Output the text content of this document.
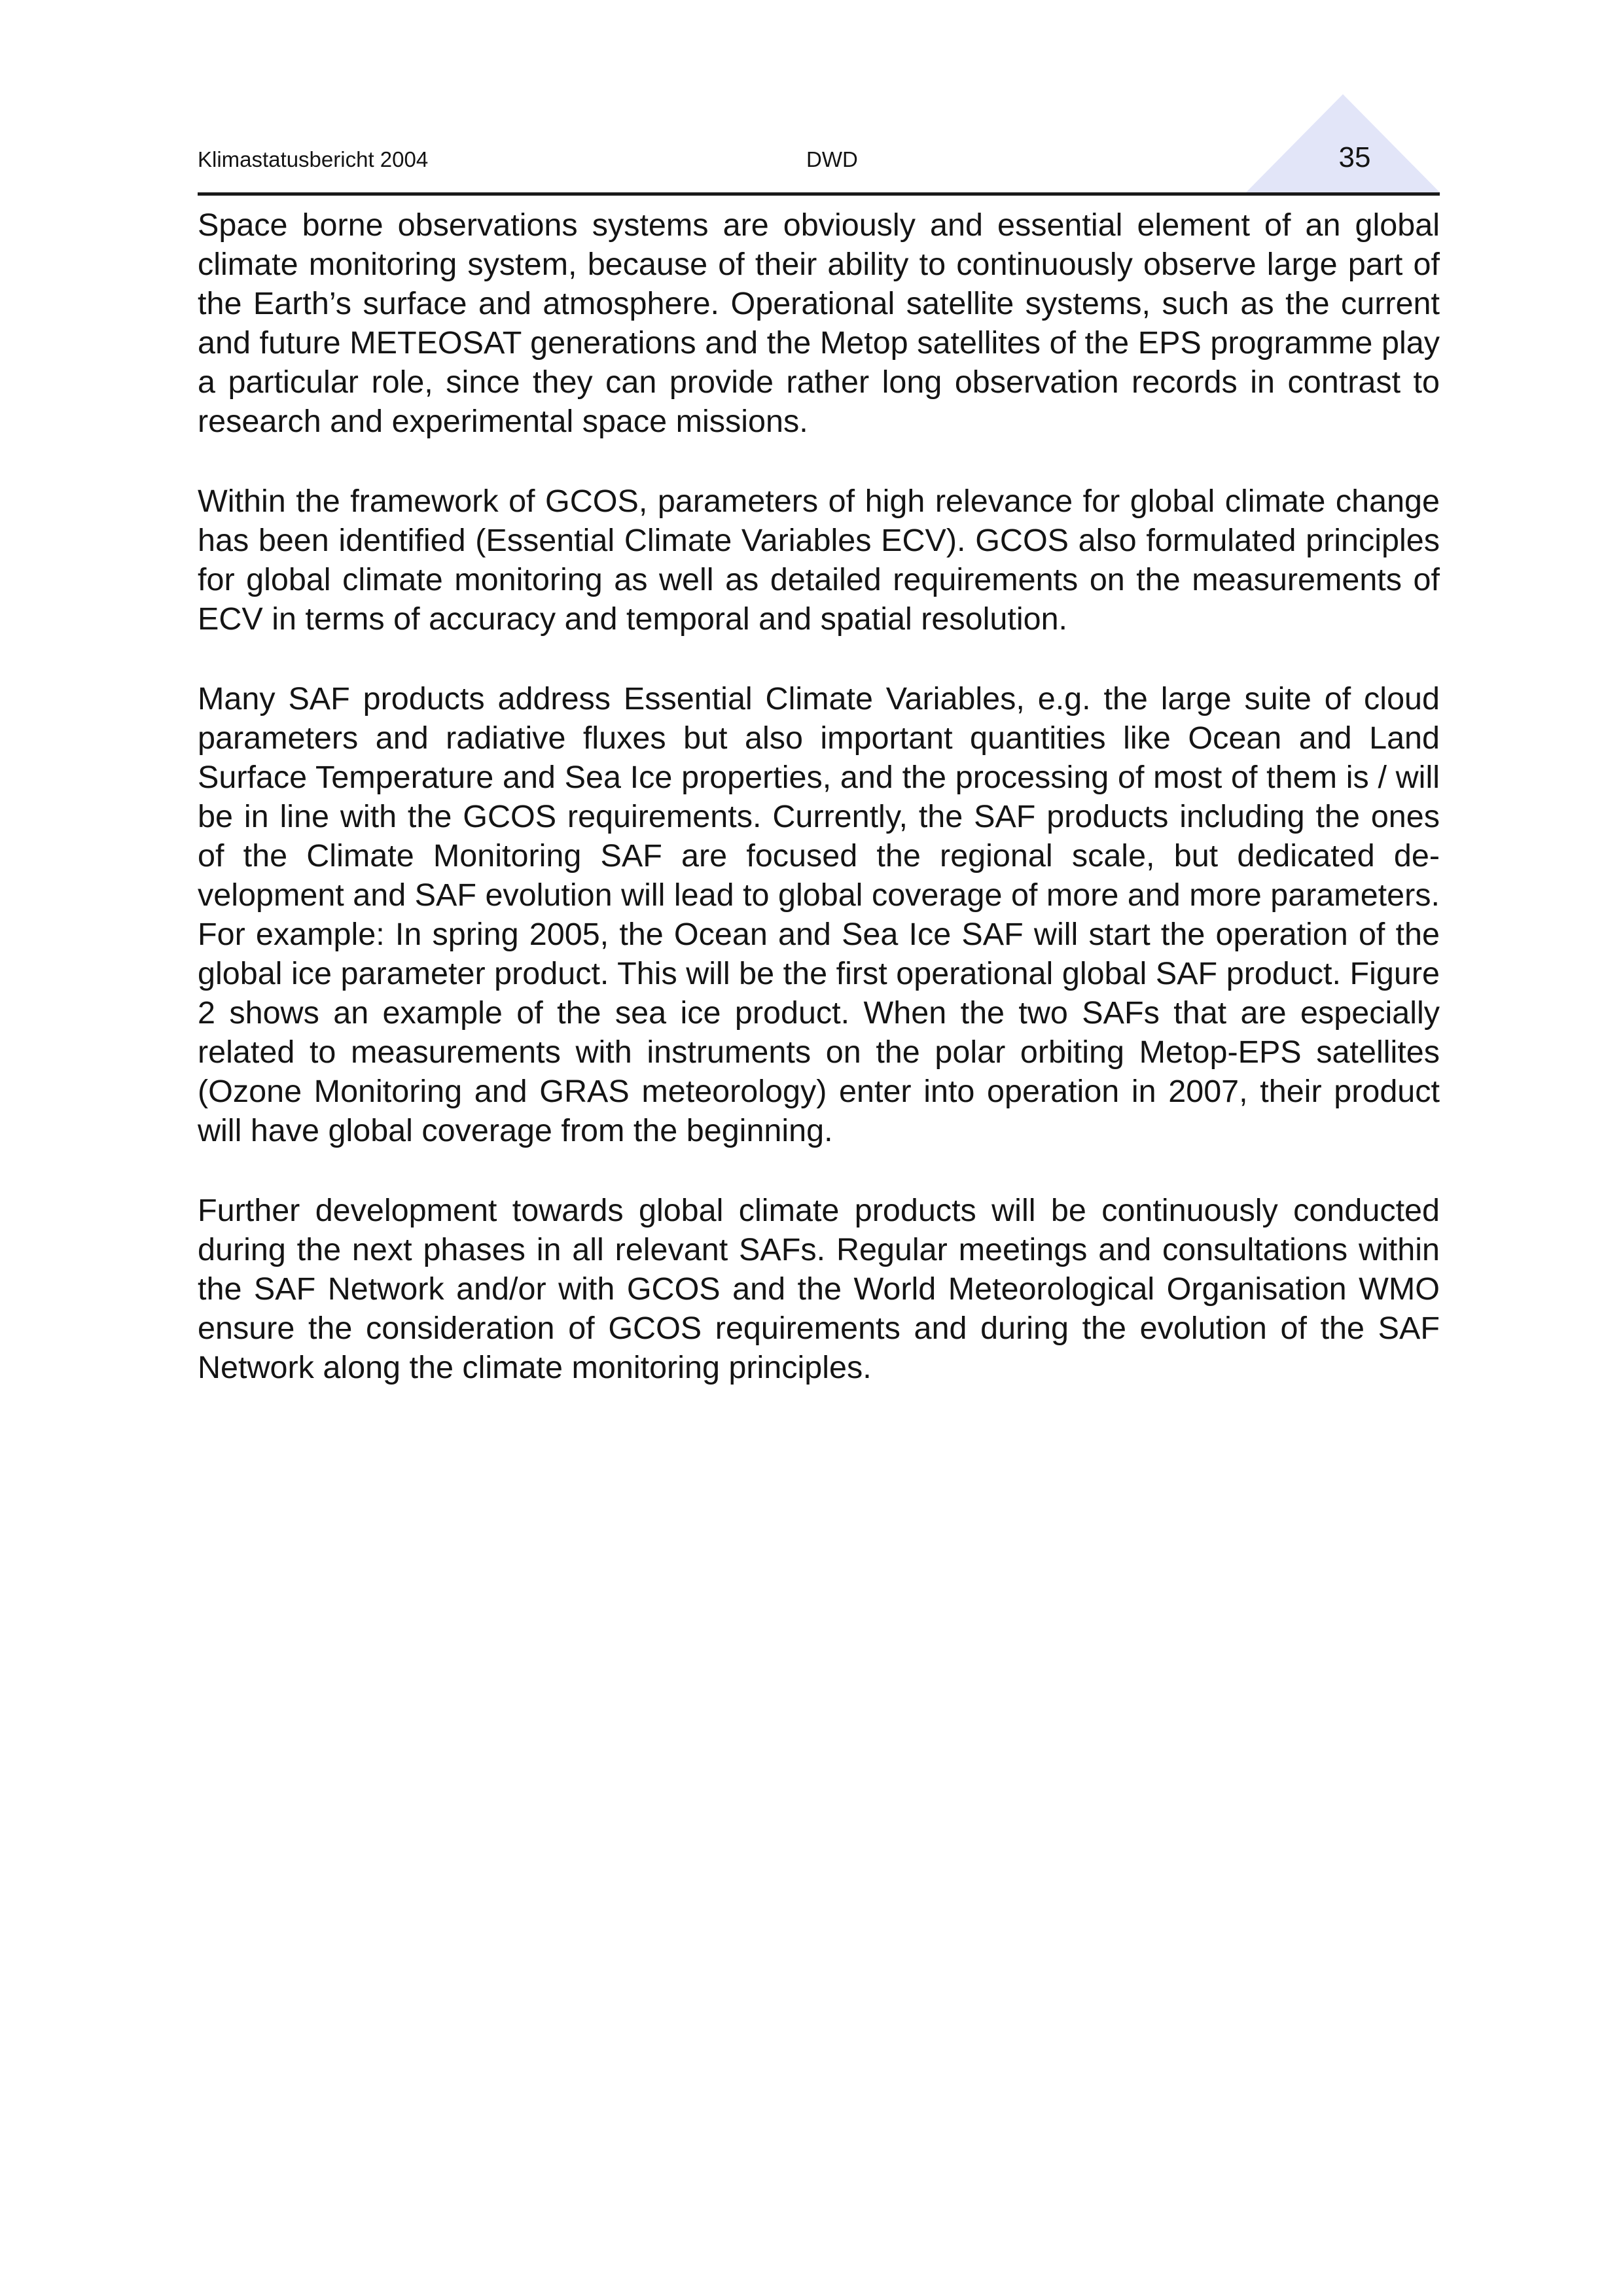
Klimastatusbericht 2004	DWD	35

Space borne observations systems are obviously and essential element of an global climate monitoring system, because of their ability to continuously observe large part of the Earth’s surface and atmosphere. Operational satellite systems, such as the current and future METEOSAT generations and the Metop satellites of the EPS programme play a particular role, since they can provide rather long observation records in contrast to research and experimental space missions.

Within the framework of GCOS, parameters of high relevance for global climate change has been identified (Essential Climate Variables ECV). GCOS also formulated principles for global climate monitoring as well as detailed requirements on the measurements of ECV in terms of accuracy and temporal and spatial resolution.

Many SAF products address Essential Climate Variables, e.g. the large suite of cloud parameters and radiative fluxes but also important quantities like Ocean and Land Surface Temperature and Sea Ice properties, and the processing of most of them is / will be in line with the GCOS requirements. Currently, the SAF products including the ones of the Climate Monitoring SAF are focused the regional scale, but dedicated development and SAF evolution will lead to global coverage of more and more parameters. For example: In spring 2005, the Ocean and Sea Ice SAF will start the operation of the global ice parameter product. This will be the first operational global SAF product. Figure 2 shows an example of the sea ice product. When the two SAFs that are especially related to measurements with instruments on the polar orbiting Metop-EPS satellites (Ozone Monitoring and GRAS meteorology) enter into operation in 2007, their product will have global coverage from the beginning.

Further development towards global climate products will be continuously conducted during the next phases in all relevant SAFs. Regular meetings and consultations within the SAF Network and/or with GCOS and the World Meteorological Organisation WMO ensure the consideration of GCOS requirements and during the evolution of the SAF Network along the climate monitoring principles.
